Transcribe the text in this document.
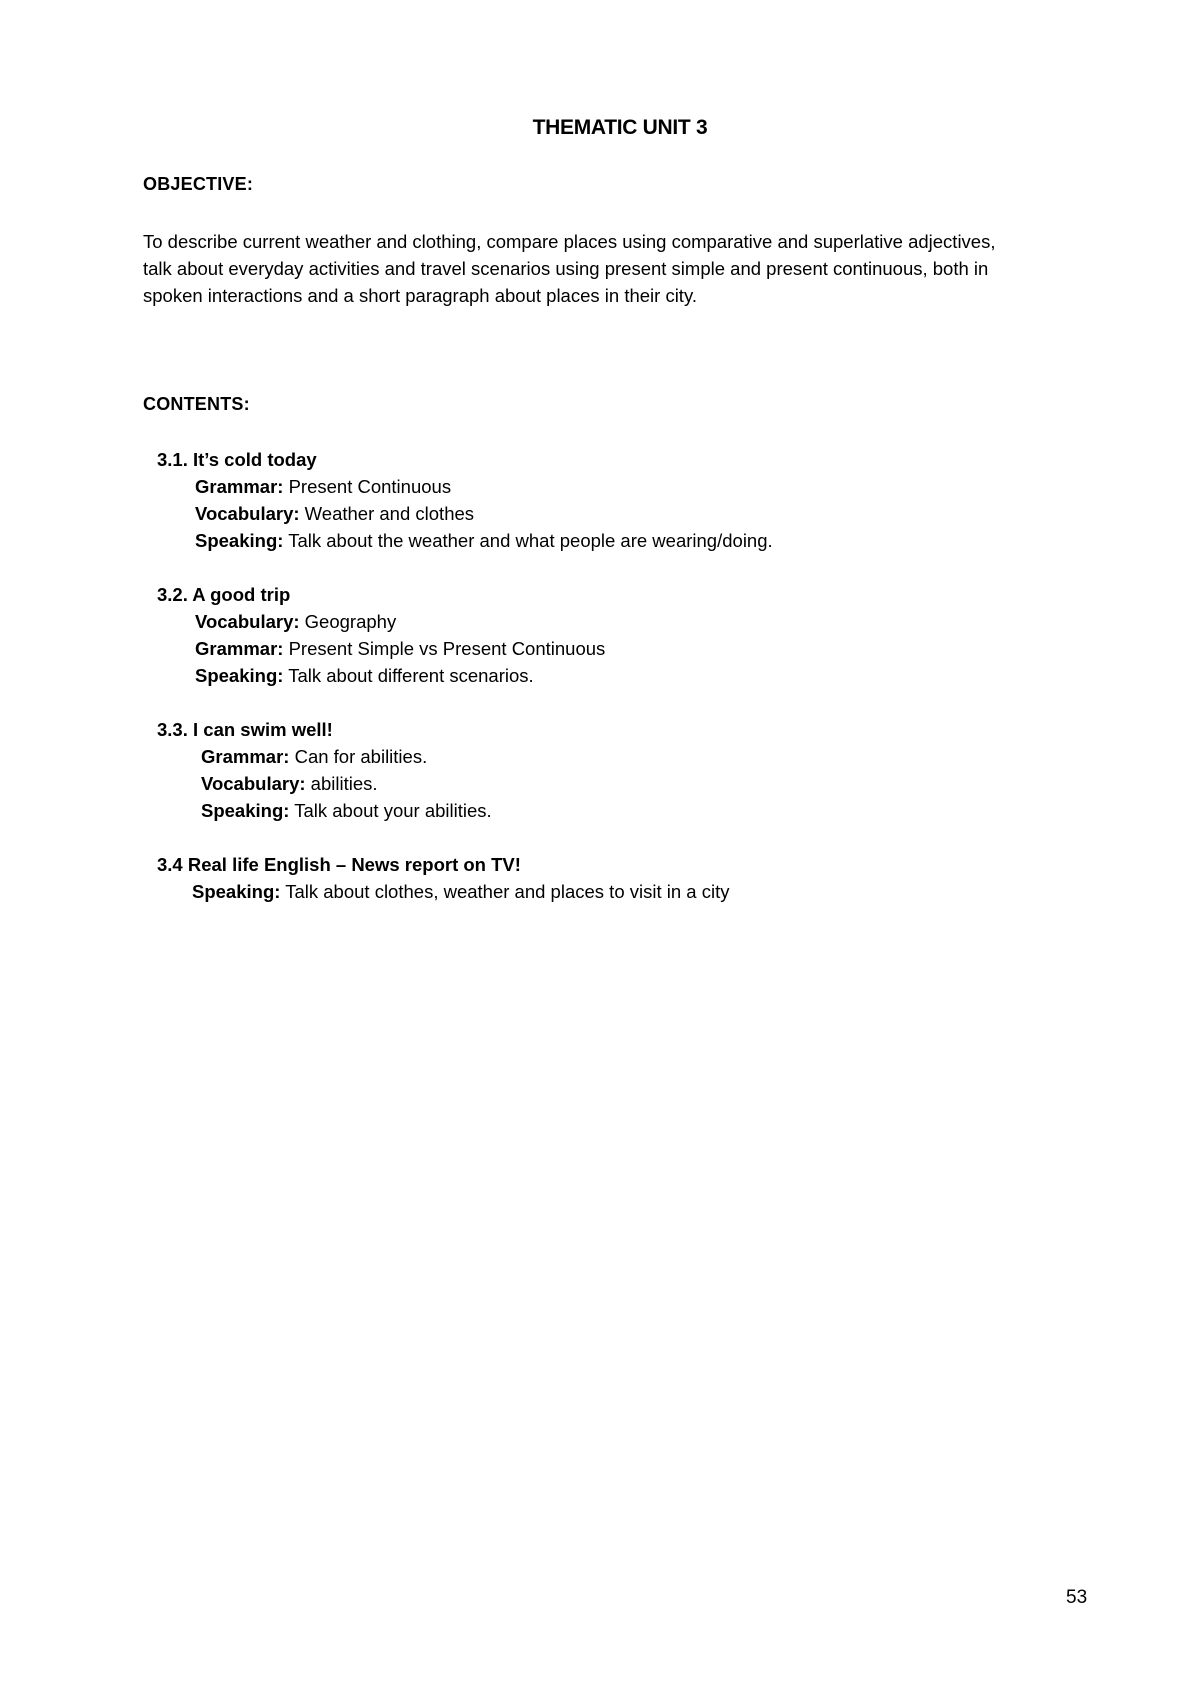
THEMATIC UNIT 3
OBJECTIVE:
To describe current weather and clothing, compare places using comparative and superlative adjectives,
talk about everyday activities and travel scenarios using present simple and present continuous, both in
spoken interactions and a short paragraph about places in their city.
CONTENTS:
3.1. It’s cold today
Grammar: Present Continuous
Vocabulary: Weather and clothes
Speaking: Talk about the weather and what people are wearing/doing.
3.2. A good trip
Vocabulary: Geography
Grammar: Present Simple vs Present Continuous
Speaking: Talk about different scenarios.
3.3. I can swim well!
Grammar: Can for abilities.
Vocabulary: abilities.
Speaking: Talk about your abilities.
3.4 Real life English – News report on TV!
Speaking: Talk about clothes, weather and places to visit in a city
53
